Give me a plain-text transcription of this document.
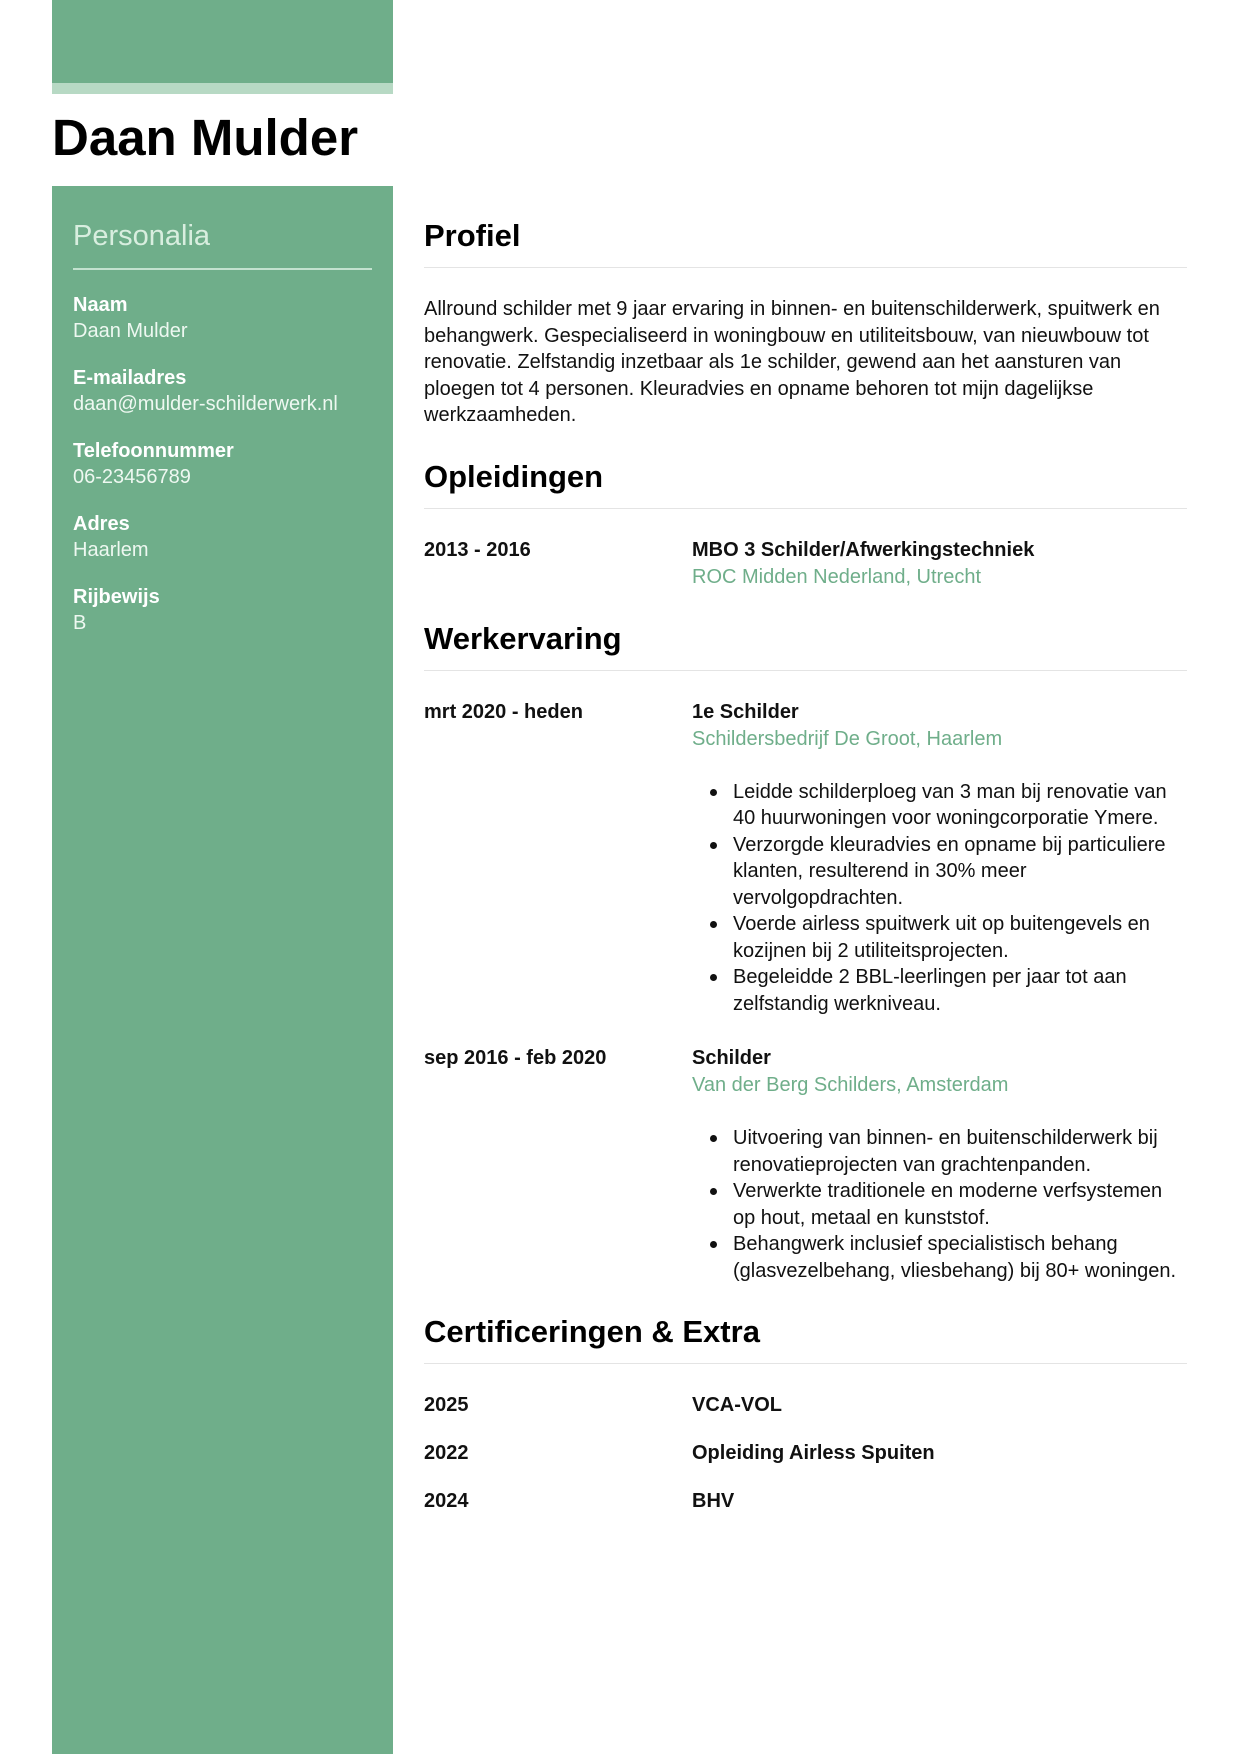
Daan Mulder
Personalia
Naam
Daan Mulder
E-mailadres
daan@mulder-schilderwerk.nl
Telefoonnummer
06-23456789
Adres
Haarlem
Rijbewijs
B
Profiel

Allround schilder met 9 jaar ervaring in binnen- en buitenschilderwerk, spuitwerk en behangwerk. Gespecialiseerd in woningbouw en utiliteitsbouw, van nieuwbouw tot renovatie. Zelfstandig inzetbaar als 1e schilder, gewend aan het aansturen van ploegen tot 4 personen. Kleuradvies en opname behoren tot mijn dagelijkse werkzaamheden.

Opleidingen
2013 - 2016	MBO 3 Schilder/Afwerkingstechniek
ROC Midden Nederland, Utrecht
Werkervaring
mrt 2020 - heden	1e Schilder
Schildersbedrijf De Groot, Haarlem
Leidde schilderploeg van 3 man bij renovatie van 40 huurwoningen voor woningcorporatie Ymere.
Verzorgde kleuradvies en opname bij particuliere klanten, resulterend in 30% meer vervolgopdrachten.
Voerde airless spuitwerk uit op buitengevels en kozijnen bij 2 utiliteitsprojecten.
Begeleidde 2 BBL-leerlingen per jaar tot aan zelfstandig werkniveau.
sep 2016 - feb 2020	Schilder
Van der Berg Schilders, Amsterdam
Uitvoering van binnen- en buitenschilderwerk bij renovatieprojecten van grachtenpanden.
Verwerkte traditionele en moderne verfsystemen op hout, metaal en kunststof.
Behangwerk inclusief specialistisch behang (glasvezelbehang, vliesbehang) bij 80+ woningen.
Certificeringen & Extra
2025	VCA-VOL
2022	Opleiding Airless Spuiten
2024	BHV
